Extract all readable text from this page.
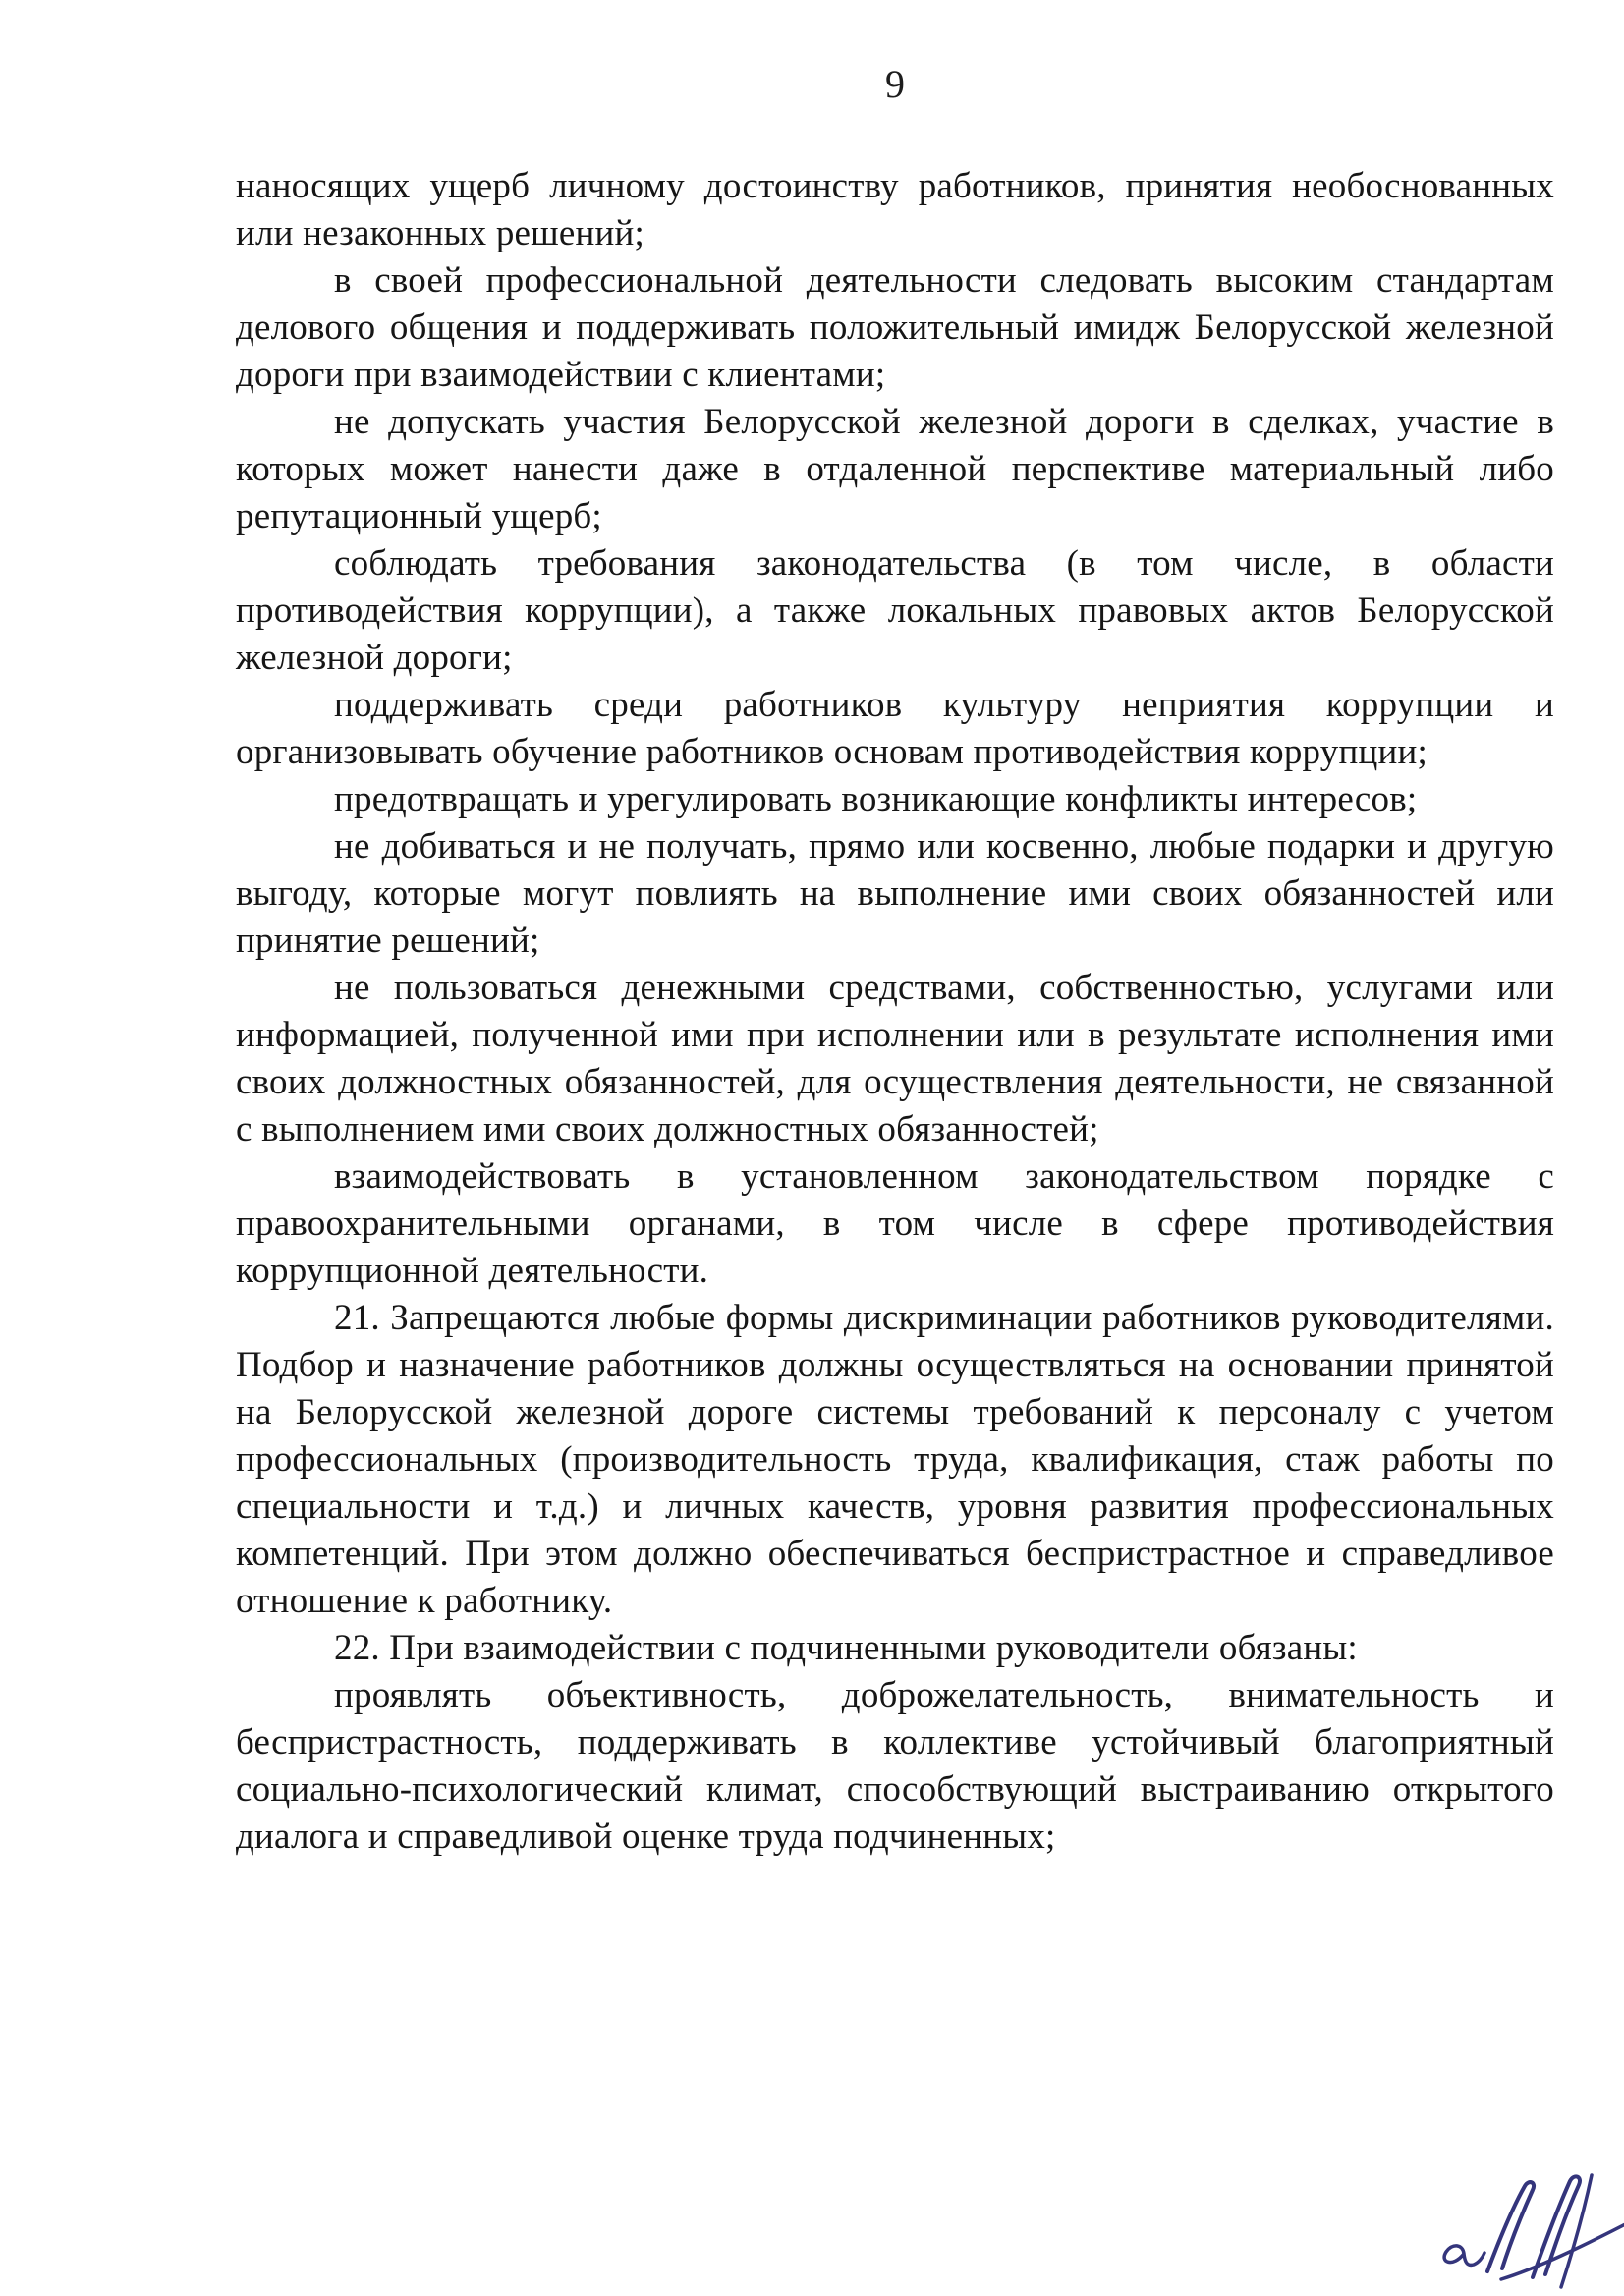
9

наносящих ущерб личному достоинству работников, принятия необоснованных или незаконных решений;

в своей профессиональной деятельности следовать высоким стандартам делового общения и поддерживать положительный имидж Белорусской железной дороги при взаимодействии с клиентами;

не допускать участия Белорусской железной дороги в сделках, участие в которых может нанести даже в отдаленной перспективе материальный либо репутационный ущерб;

соблюдать требования законодательства (в том числе, в области противодействия коррупции), а также локальных правовых актов Белорусской железной дороги;

поддерживать среди работников культуру неприятия коррупции и организовывать обучение работников основам противодействия коррупции;

предотвращать и урегулировать возникающие конфликты интересов;

не добиваться и не получать, прямо или косвенно, любые подарки и другую выгоду, которые могут повлиять на выполнение ими своих обязанностей или принятие решений;

не пользоваться денежными средствами, собственностью, услугами или информацией, полученной ими при исполнении или в результате исполнения ими своих должностных обязанностей, для осуществления деятельности, не связанной с выполнением ими своих должностных обязанностей;

взаимодействовать в установленном законодательством порядке с правоохранительными органами, в том числе в сфере противодействия коррупционной деятельности.

21. Запрещаются любые формы дискриминации работников руководителями. Подбор и назначение работников должны осуществляться на основании принятой на Белорусской железной дороге системы требований к персоналу с учетом профессиональных (производительность труда, квалификация, стаж работы по специальности и т.д.) и личных качеств, уровня развития профессиональных компетенций. При этом должно обеспечиваться беспристрастное и справедливое отношение к работнику.

22. При взаимодействии с подчиненными руководители обязаны:

проявлять объективность, доброжелательность, внимательность и беспристрастность, поддерживать в коллективе устойчивый благоприятный социально-психологический климат, способствующий выстраиванию открытого диалога и справедливой оценке труда подчиненных;
